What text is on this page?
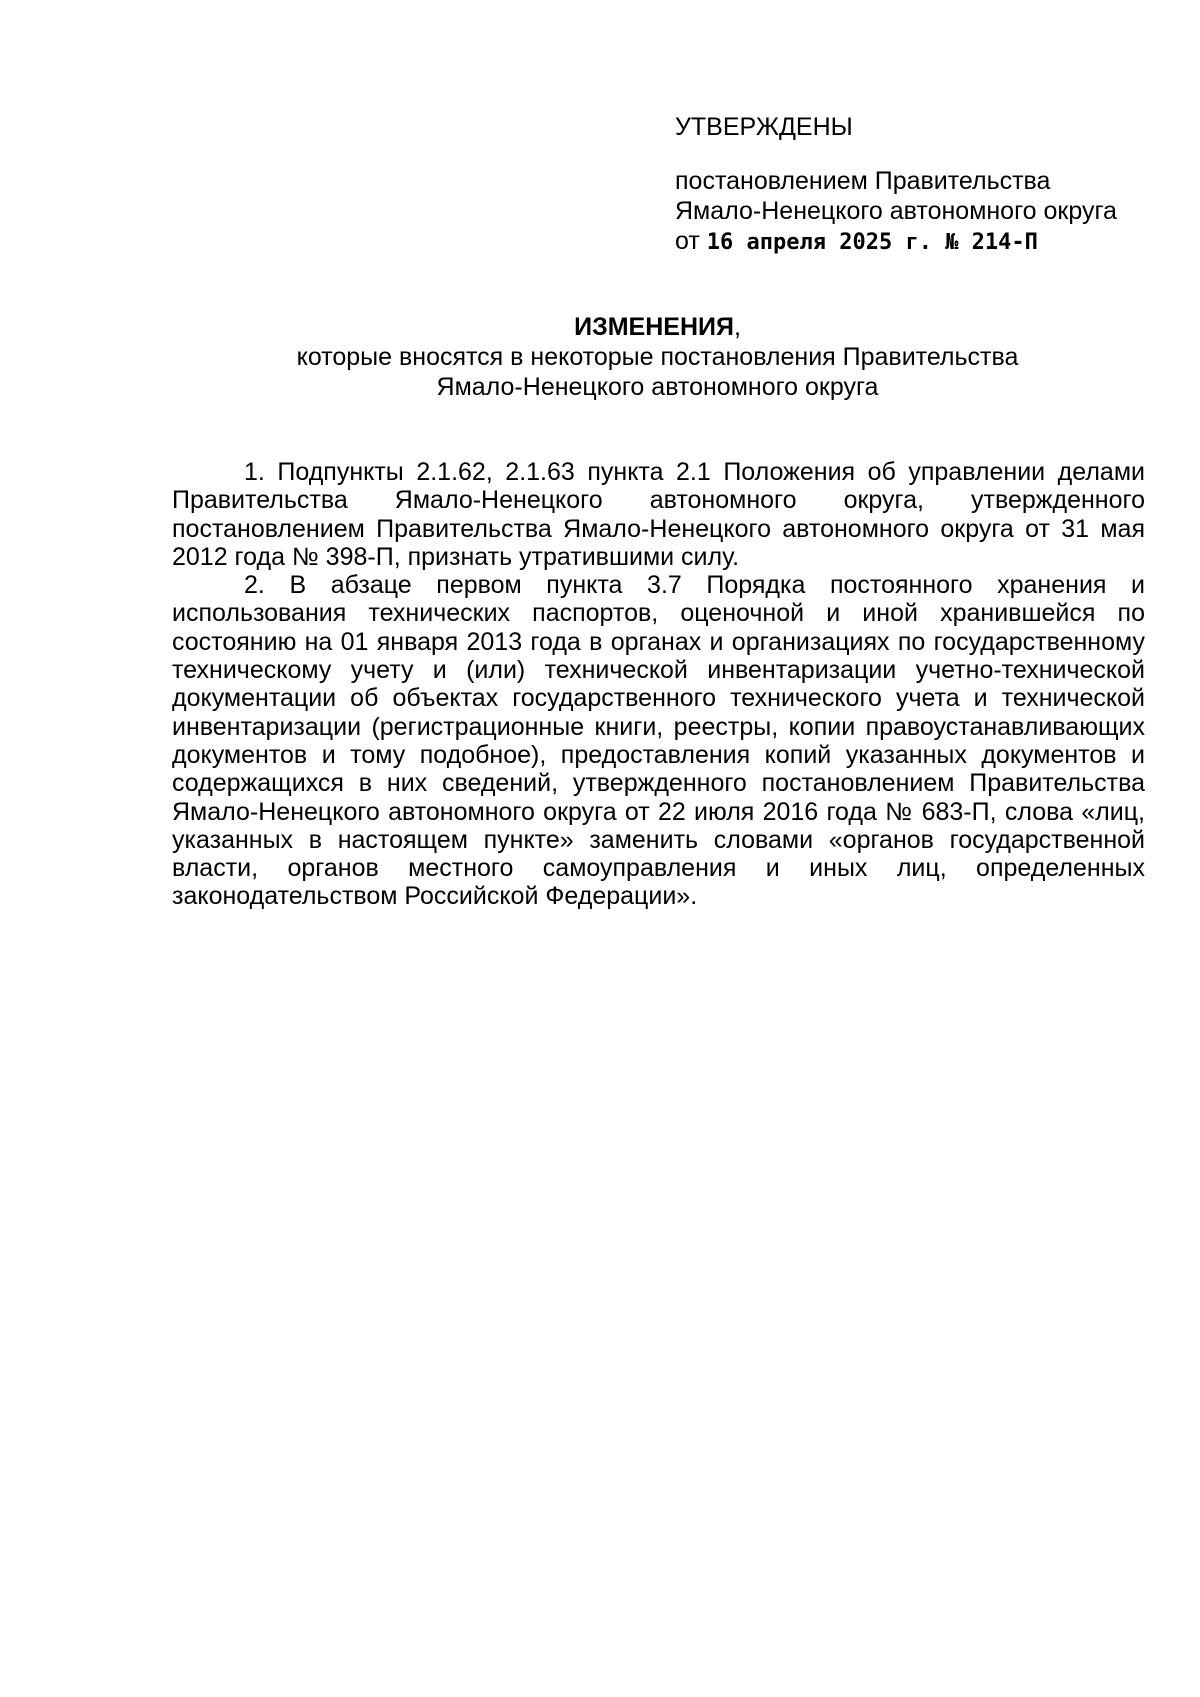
УТВЕРЖДЕНЫ

постановлением Правительства

Ямало-Ненецкого автономного округа

от 16 апреля 2025 г. № 214-П

ИЗМЕНЕНИЯ,

которые вносятся в некоторые постановления Правительства

Ямало-Ненецкого автономного округа

1. Подпункты 2.1.62, 2.1.63 пункта 2.1 Положения об управлении делами Правительства Ямало-Ненецкого автономного округа, утвержденного постановлением Правительства Ямало-Ненецкого автономного округа от 31 мая 2012 года № 398-П, признать утратившими силу.

2. В абзаце первом пункта 3.7 Порядка постоянного хранения и использования технических паспортов, оценочной и иной хранившейся по состоянию на 01 января 2013 года в органах и организациях по государственному техническому учету и (или) технической инвентаризации учетно-технической документации об объектах государственного технического учета и технической инвентаризации (регистрационные книги, реестры, копии правоустанавливающих документов и тому подобное), предоставления копий указанных документов и содержащихся в них сведений, утвержденного постановлением Правительства Ямало-Ненецкого автономного округа от 22 июля 2016 года № 683-П, слова «лиц, указанных в настоящем пункте» заменить словами «органов государственной власти, органов местного самоуправления и иных лиц, определенных законодательством Российской Федерации».
